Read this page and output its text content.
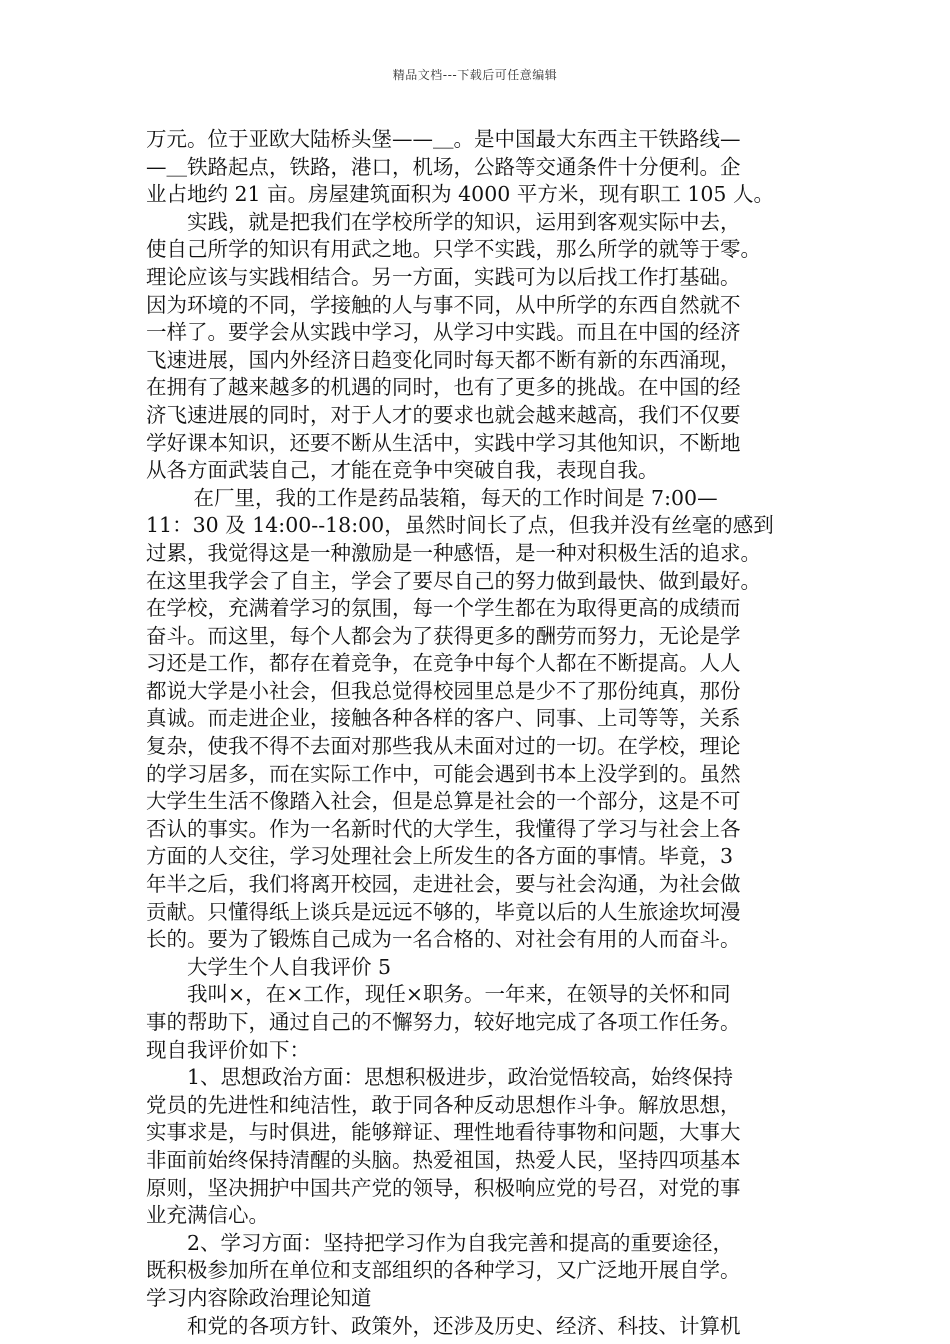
精品文档---下载后可任意编辑
万元。位于亚欧大陆桥头堡——＿。是中国最大东西主干铁路线—
—＿铁路起点，铁路，港口，机场，公路等交通条件十分便利。企
业占地约 21 亩。房屋建筑面积为 4000 平方米，现有职工 105 人。
　　实践，就是把我们在学校所学的知识，运用到客观实际中去，
使自己所学的知识有用武之地。只学不实践，那么所学的就等于零。
理论应该与实践相结合。另一方面，实践可为以后找工作打基础。
因为环境的不同，学接触的人与事不同，从中所学的东西自然就不
一样了。要学会从实践中学习，从学习中实践。而且在中国的经济
飞速进展，国内外经济日趋变化同时每天都不断有新的东西涌现，
在拥有了越来越多的机遇的同时，也有了更多的挑战。在中国的经
济飞速进展的同时，对于人才的要求也就会越来越高，我们不仅要
学好课本知识，还要不断从生活中，实践中学习其他知识，不断地
从各方面武装自己，才能在竞争中突破自我，表现自我。
　　 在厂里，我的工作是药品装箱，每天的工作时间是 7:00—
11：30 及 14:00--18:00，虽然时间长了点，但我并没有丝毫的感到
过累，我觉得这是一种激励是一种感悟，是一种对积极生活的追求。
在这里我学会了自主，学会了要尽自己的努力做到最快、做到最好。
在学校，充满着学习的氛围，每一个学生都在为取得更高的成绩而
奋斗。而这里，每个人都会为了获得更多的酬劳而努力，无论是学
习还是工作，都存在着竞争，在竞争中每个人都在不断提高。人人
都说大学是小社会，但我总觉得校园里总是少不了那份纯真，那份
真诚。而走进企业，接触各种各样的客户、同事、上司等等，关系
复杂，使我不得不去面对那些我从未面对过的一切。在学校，理论
的学习居多，而在实际工作中，可能会遇到书本上没学到的。虽然
大学生生活不像踏入社会，但是总算是社会的一个部分，这是不可
否认的事实。作为一名新时代的大学生，我懂得了学习与社会上各
方面的人交往，学习处理社会上所发生的各方面的事情。毕竟，3
年半之后，我们将离开校园，走进社会，要与社会沟通，为社会做
贡献。只懂得纸上谈兵是远远不够的，毕竟以后的人生旅途坎坷漫
长的。要为了锻炼自己成为一名合格的、对社会有用的人而奋斗。
　　大学生个人自我评价 5
　　我叫×，在×工作，现任×职务。一年来，在领导的关怀和同
事的帮助下，通过自己的不懈努力，较好地完成了各项工作任务。
现自我评价如下：
　　1、思想政治方面：思想积极进步，政治觉悟较高，始终保持
党员的先进性和纯洁性，敢于同各种反动思想作斗争。解放思想，
实事求是，与时俱进，能够辩证、理性地看待事物和问题，大事大
非面前始终保持清醒的头脑。热爱祖国，热爱人民，坚持四项基本
原则，坚决拥护中国共产党的领导，积极响应党的号召，对党的事
业充满信心。
　　2、学习方面：坚持把学习作为自我完善和提高的重要途径，
既积极参加所在单位和支部组织的各种学习，又广泛地开展自学。
学习内容除政治理论知道
　　和党的各项方针、政策外，还涉及历史、经济、科技、计算机
